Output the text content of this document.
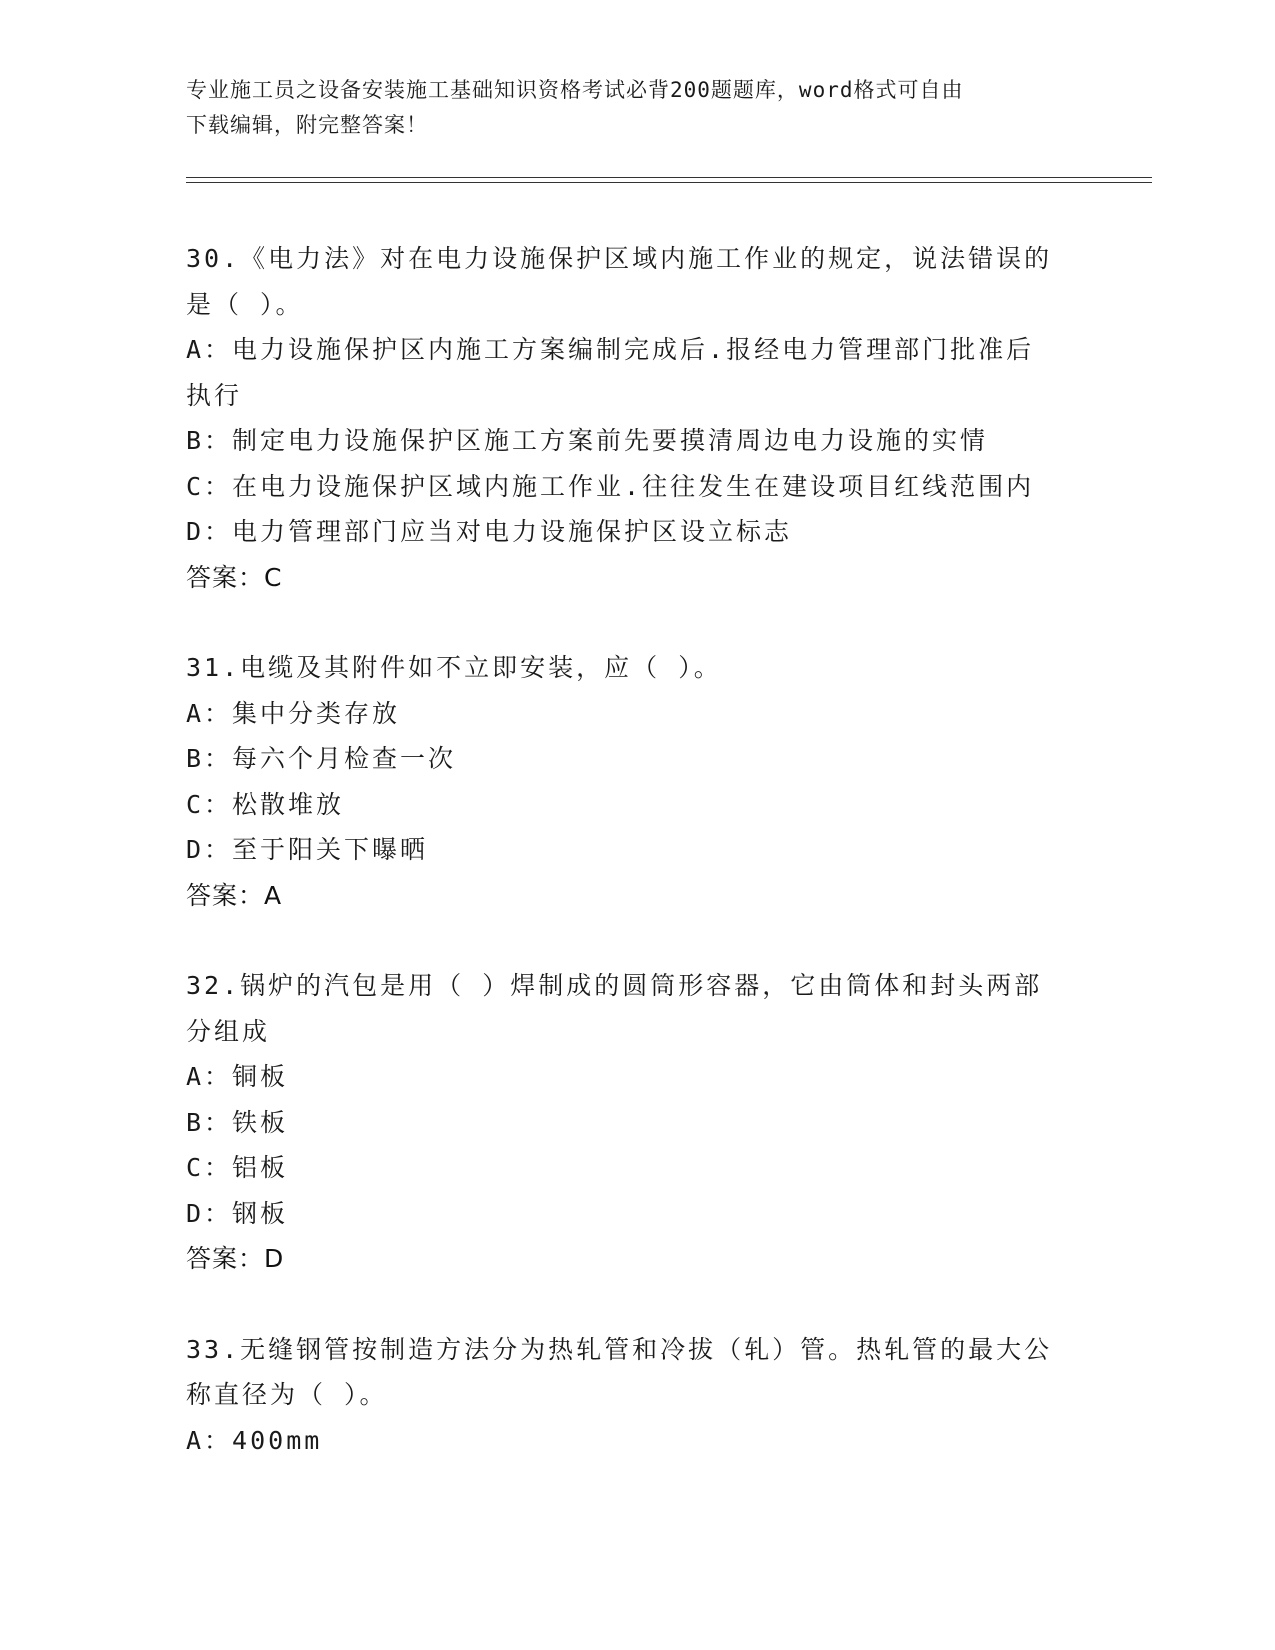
专业施工员之设备安装施工基础知识资格考试必背200题题库，word格式可自由
下载编辑，附完整答案！
30.《电力法》对在电力设施保护区域内施工作业的规定，说法错误的
是（ ）。
A：电力设施保护区内施工方案编制完成后.报经电力管理部门批准后
执行
B：制定电力设施保护区施工方案前先要摸清周边电力设施的实情
C：在电力设施保护区域内施工作业.往往发生在建设项目红线范围内
D：电力管理部门应当对电力设施保护区设立标志
答案：C
31.电缆及其附件如不立即安装，应（ ）。
A：集中分类存放
B：每六个月检查一次
C：松散堆放
D：至于阳关下曝晒
答案：A
32.锅炉的汽包是用（ ）焊制成的圆筒形容器，它由筒体和封头两部
分组成
A：铜板
B：铁板
C：铝板
D：钢板
答案：D
33.无缝钢管按制造方法分为热轧管和冷拔（轧）管。热轧管的最大公
称直径为（ ）。
A：400mm
